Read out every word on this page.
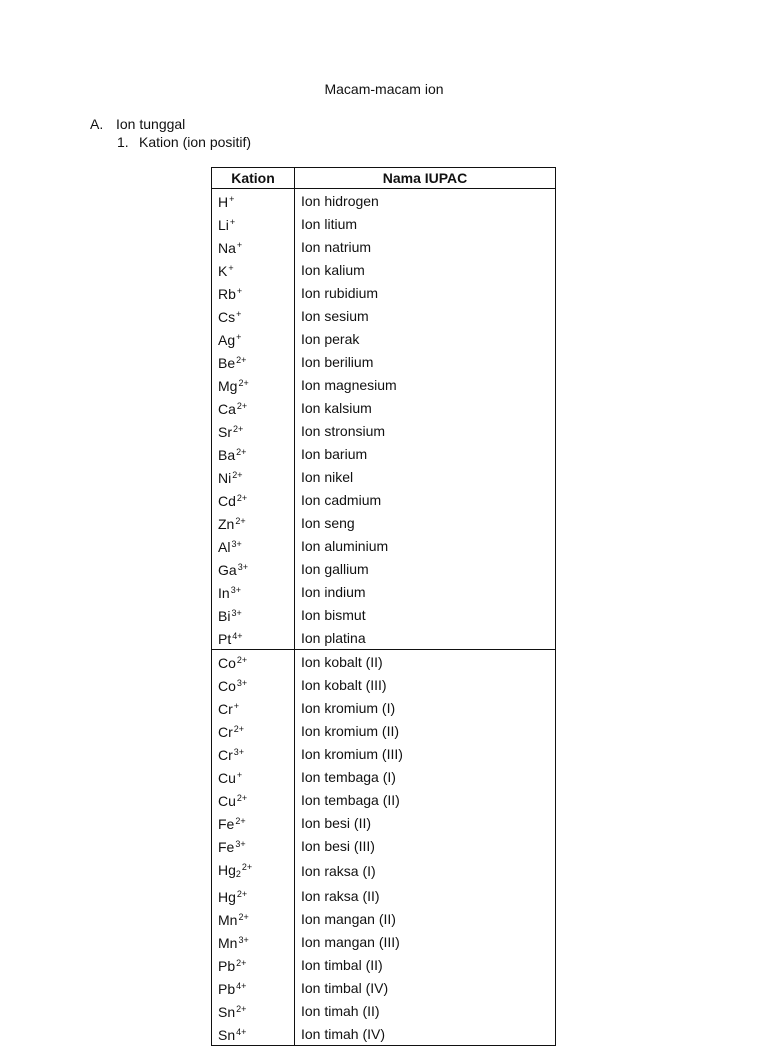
Macam-macam ion
A. Ion tunggal
1. Kation (ion positif)
Kation	Nama IUPAC
H+	Ion hidrogen
Li+	Ion litium
Na+	Ion natrium
K+	Ion kalium
Rb+	Ion rubidium
Cs+	Ion sesium
Ag+	Ion perak
$Be^{2+}$	Ion berilium
$Mg^{2+}$	Ion magnesium
$Ca^{2+}$	Ion kalsium
$Sr^{2+}$	Ion stronsium
$Ba^{2+}$	Ion barium
$Ni^{2+}$	Ion nikel
$Cd^{2+}$	Ion cadmium
$Zn^{2+}$	Ion seng
$Al^{3+}$	Ion aluminium
$Ga^{3+}$	Ion gallium
$In^{3+}$	Ion indium
$Bi^{3+}$	Ion bismut
$Pt^{4+}$	Ion platina
$Co^{2+}$	Ion kobalt (II)
$Co^{3+}$	Ion kobalt (III)
Cr+	Ion kromium (I)
$Cr^{2+}$	Ion kromium (II)
$Cr^{3+}$	Ion kromium (III)
Cu+	Ion tembaga (I)
$Cu^{2+}$	Ion tembaga (II)
$Fe^{2+}$	Ion besi (II)
$Fe^{3+}$	Ion besi (III)
$Hg_2^{2+}$	Ion raksa (I)
$Hg^{2+}$	Ion raksa (II)
$Mn^{2+}$	Ion mangan (II)
$Mn^{3+}$	Ion mangan (III)
$Pb^{2+}$	Ion timbal (II)
$Pb^{4+}$	Ion timbal (IV)
$Sn^{2+}$	Ion timah (II)
$Sn^{4+}$	Ion timah (IV)
